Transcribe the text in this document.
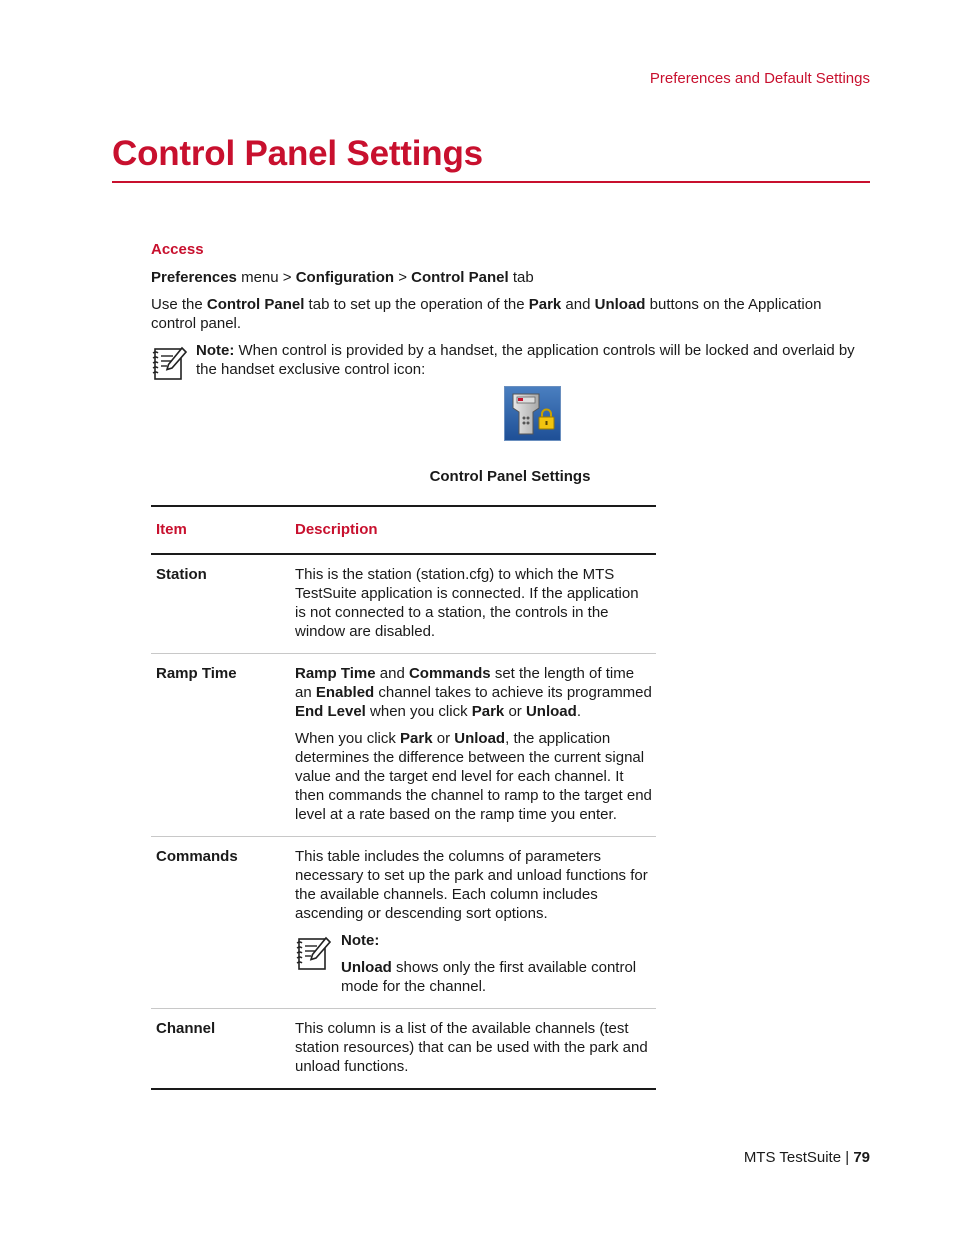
Preferences and Default Settings
Control Panel Settings
Access
Preferences menu > Configuration > Control Panel tab
Use the Control Panel tab to set up the operation of the Park and Unload buttons on the Application control panel.

Note: When control is provided by a handset, the application controls will be locked and overlaid by the handset exclusive control icon:

Control Panel Settings
Item	Description
Station	This is the station (station.cfg) to which the MTS TestSuite application is connected. If the application is not connected to a station, the controls in the window are disabled.

Ramp Time	Ramp Time and Commands set the length of time an Enabled channel takes to achieve its programmed End Level when you click Park or Unload.

When you click Park or Unload, the application determines the difference between the current signal value and the target end level for each channel. It then commands the channel to ramp to the target end level at a rate based on the ramp time you enter.

Commands	This table includes the columns of parameters necessary to set up the park and unload functions for the available channels. Each column includes ascending or descending sort options.

Note:

Unload shows only the first available control mode for the channel.

Channel	This column is a list of the available channels (test station resources) that can be used with the park and unload functions.

MTS TestSuite | 79
